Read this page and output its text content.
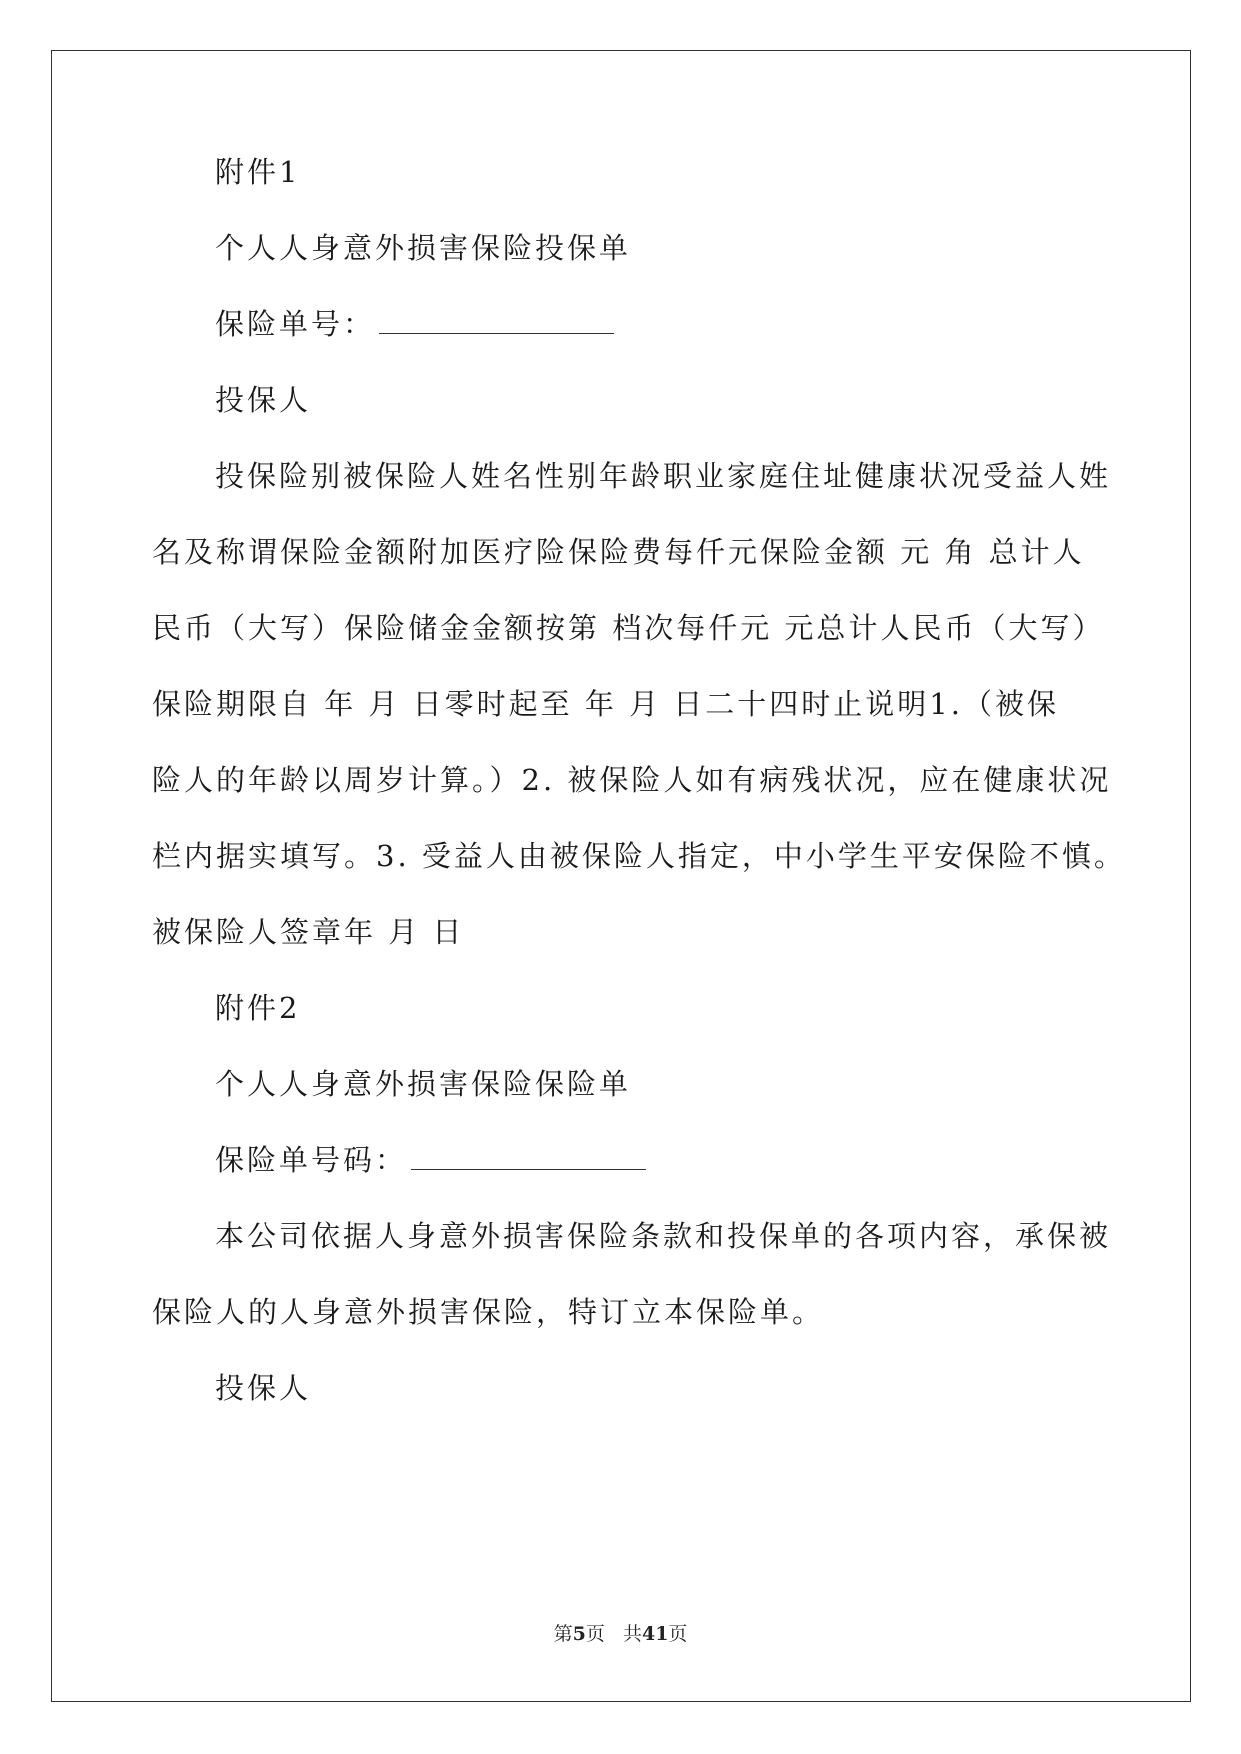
附件1
个人人身意外损害保险投保单
保险单号：
投保人
投保险别被保险人姓名性别年龄职业家庭住址健康状况受益人姓
名及称谓保险金额附加医疗险保险费每仟元保险金额 元 角 总计人
民币（大写）保险储金金额按第 档次每仟元 元总计人民币（大写）
保险期限自 年 月 日零时起至 年 月 日二十四时止说明1.（被保
险人的年龄以周岁计算。）2. 被保险人如有病残状况，应在健康状况
栏内据实填写。3. 受益人由被保险人指定，中小学生平安保险不慎。
被保险人签章年 月 日
附件2
个人人身意外损害保险保险单
保险单号码：
本公司依据人身意外损害保险条款和投保单的各项内容，承保被
保险人的人身意外损害保险，特订立本保险单。
投保人
第5页 共41页
